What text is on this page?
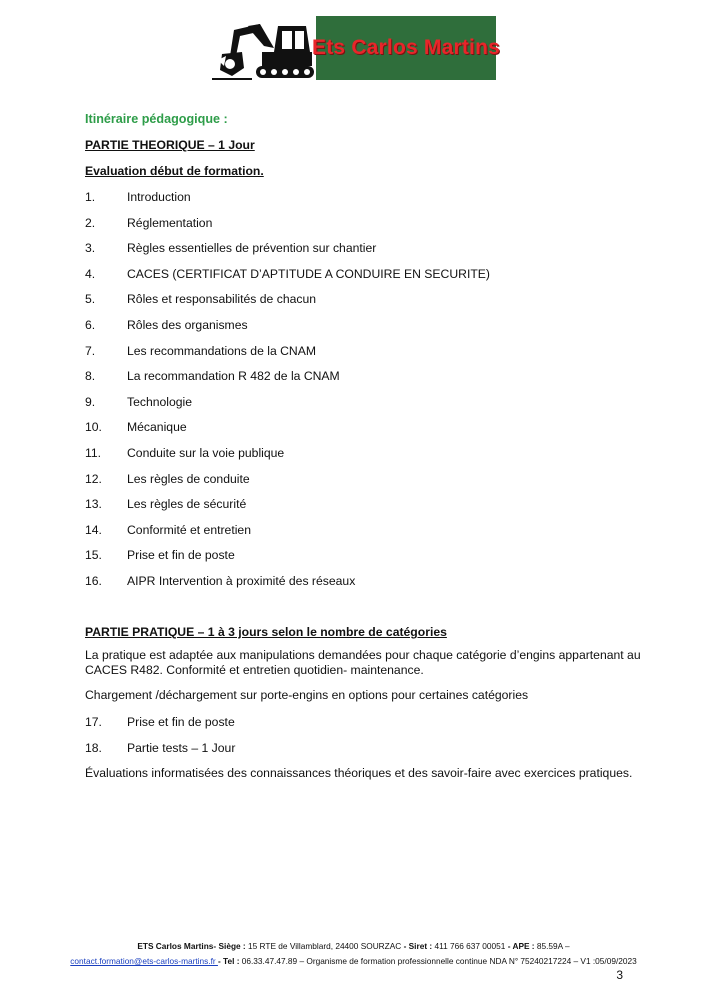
Ets Carlos Martins

Itinéraire pédagogique :

PARTIE THEORIQUE – 1 Jour

Evaluation début de formation.

1.	Introduction
2.	Réglementation
3.	Règles essentielles de prévention sur chantier
4.	CACES (CERTIFICAT D’APTITUDE A CONDUIRE EN SECURITE)
5.	Rôles et responsabilités de chacun
6.	Rôles des organismes
7.	Les recommandations de la CNAM
8.	La recommandation R 482 de la CNAM
9.	Technologie
10. Mécanique
11. Conduite sur la voie publique
12. Les règles de conduite
13. Les règles de sécurité
14. Conformité et entretien
15. Prise et fin de poste
16. AIPR Intervention à proximité des réseaux

PARTIE PRATIQUE – 1 à 3 jours selon le nombre de catégories

La pratique est adaptée aux manipulations demandées pour chaque catégorie d’engins appartenant au CACES R482. Conformité et entretien quotidien- maintenance.

Chargement /déchargement sur porte-engins en options pour certaines catégories

17. Prise et fin de poste
18. Partie tests – 1 Jour

Évaluations informatisées des connaissances théoriques et des savoir-faire avec exercices pratiques.

ETS Carlos Martins- Siège : 15 RTE de Villamblard, 24400 SOURZAC - Siret : 411 766 637 00051 - APE : 85.59A –
contact.formation@ets-carlos-martins.fr - Tel : 06.33.47.47.89 – Organisme de formation professionnelle continue NDA N° 75240217224 – V1 :05/09/2023
3
